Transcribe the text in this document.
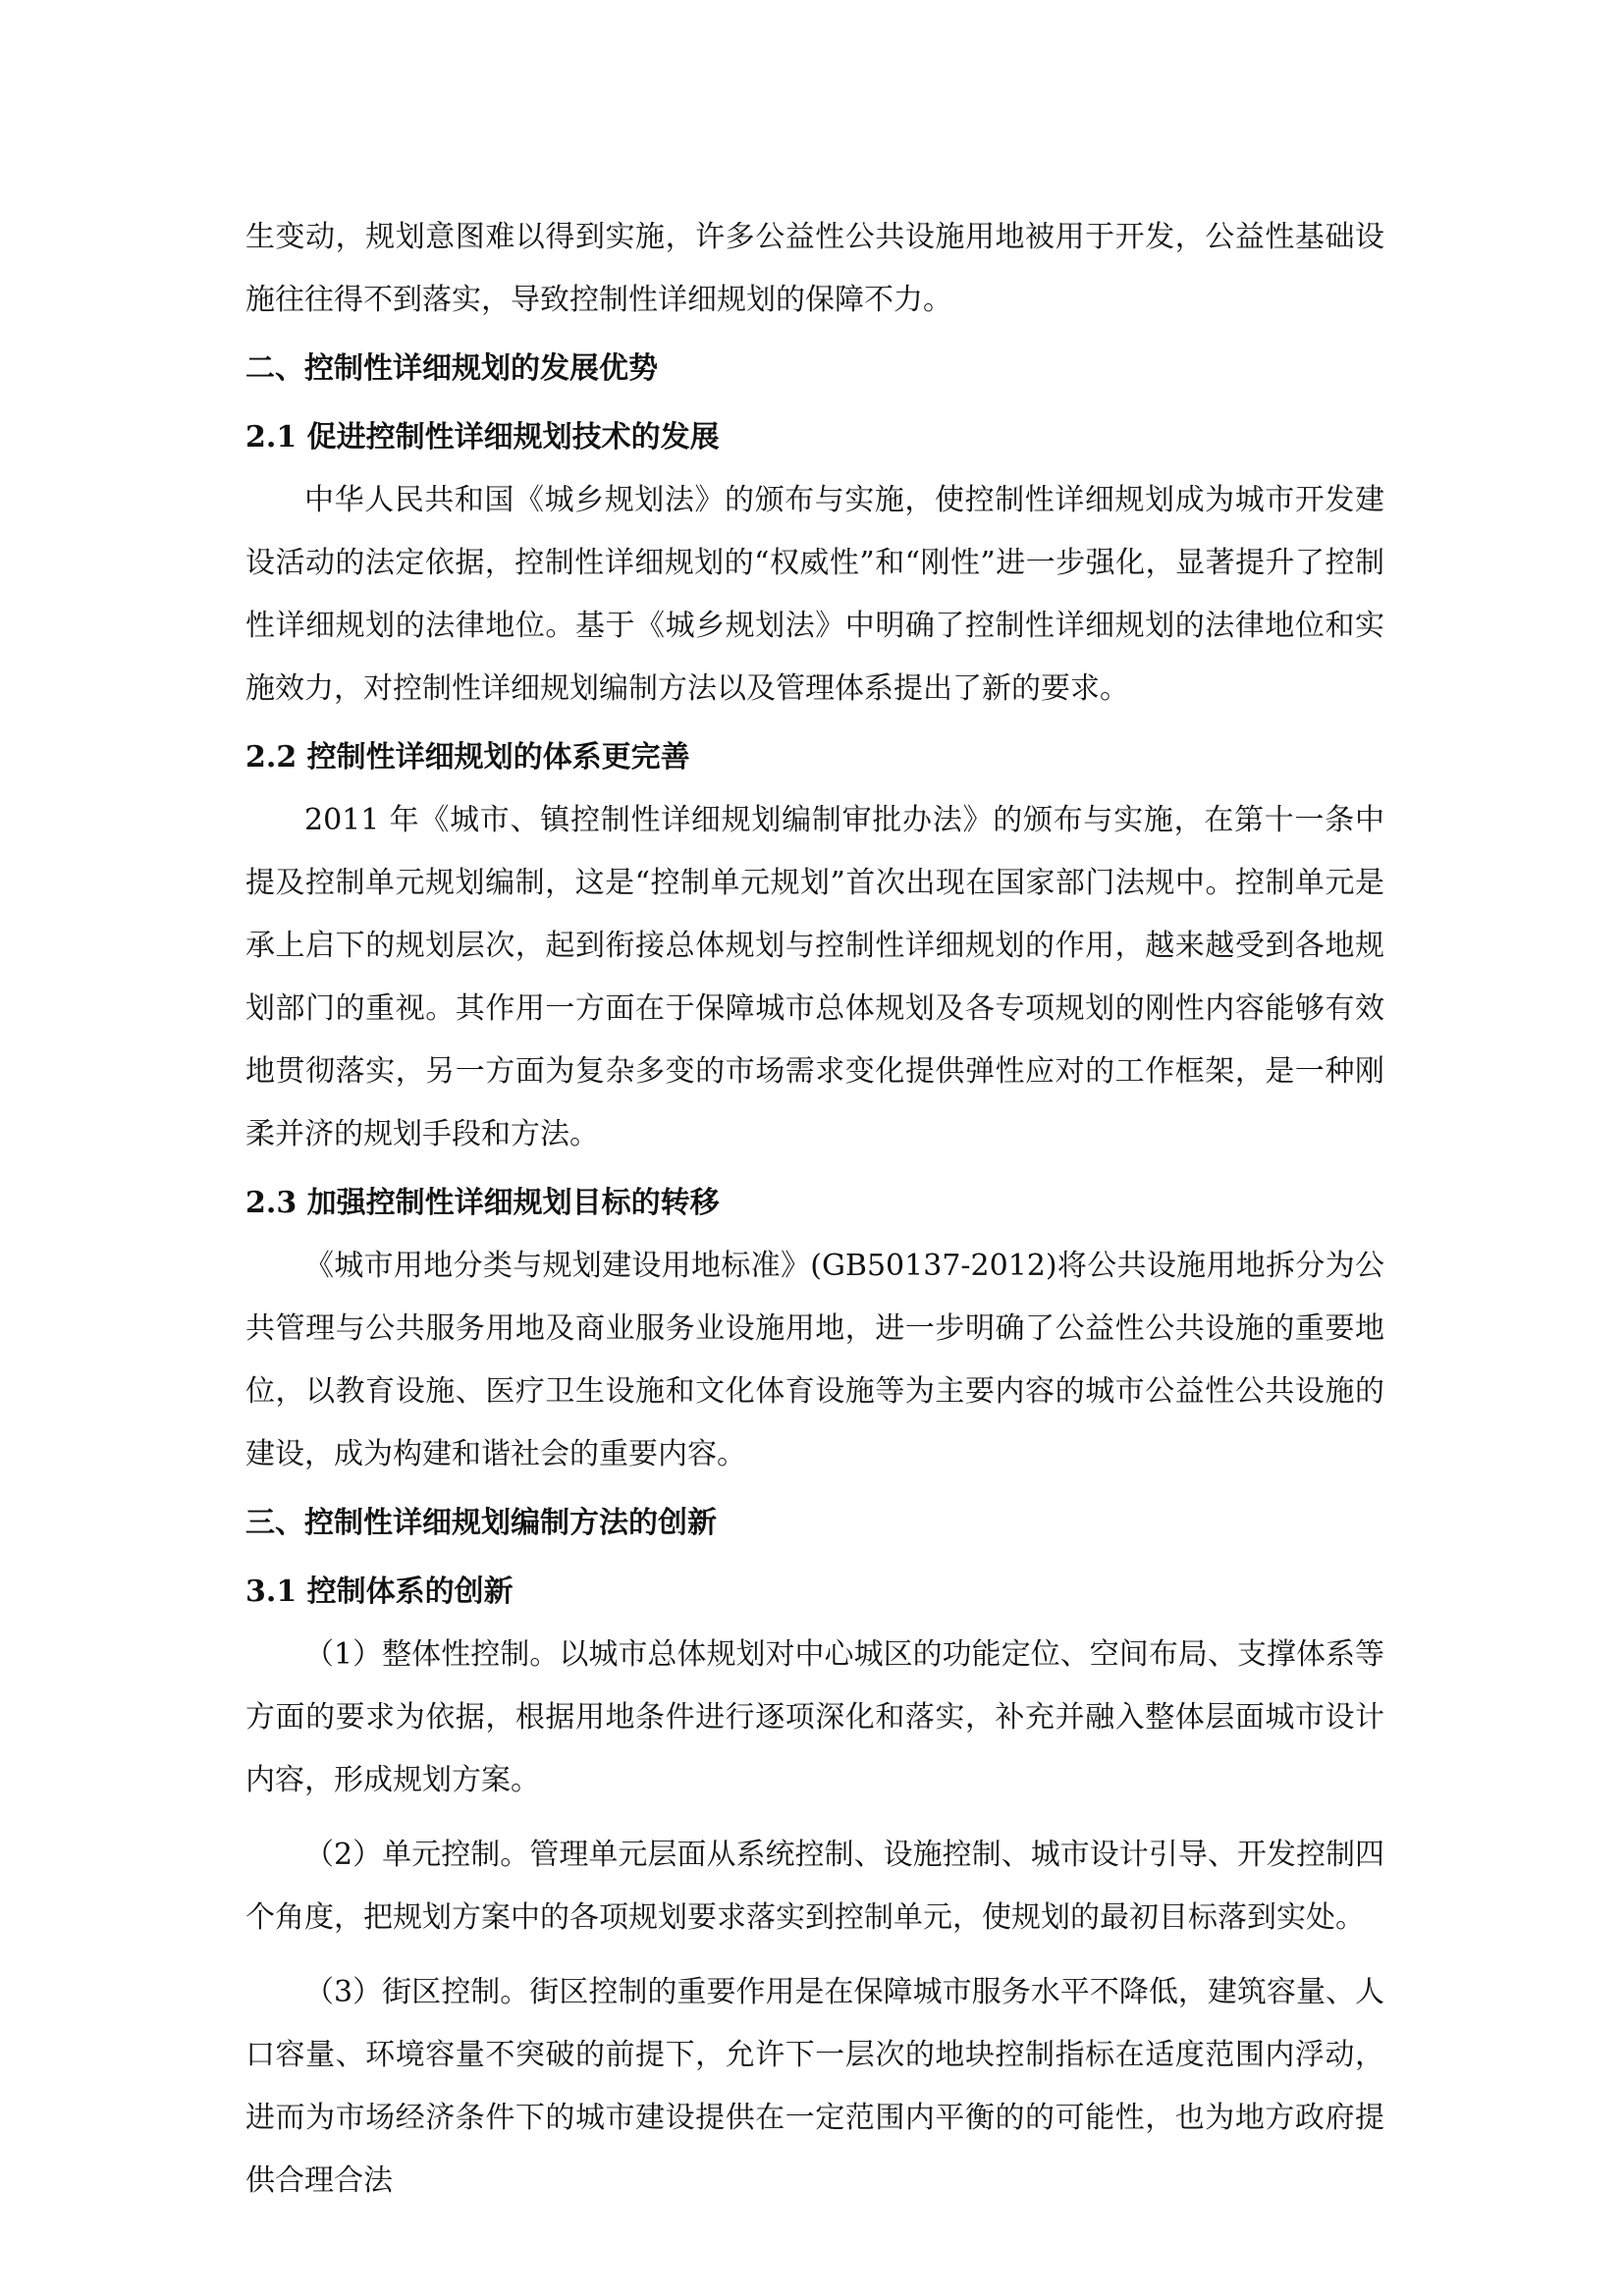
生变动，规划意图难以得到实施，许多公益性公共设施用地被用于开发，公益性基础设施往往得不到落实，导致控制性详细规划的保障不力。

二、控制性详细规划的发展优势
2.1 促进控制性详细规划技术的发展

中华人民共和国《城乡规划法》的颁布与实施，使控制性详细规划成为城市开发建设活动的法定依据，控制性详细规划的“权威性”和“刚性”进一步强化，显著提升了控制性详细规划的法律地位。基于《城乡规划法》中明确了控制性详细规划的法律地位和实施效力，对控制性详细规划编制方法以及管理体系提出了新的要求。

2.2 控制性详细规划的体系更完善

2011 年《城市、镇控制性详细规划编制审批办法》的颁布与实施，在第十一条中提及控制单元规划编制，这是“控制单元规划”首次出现在国家部门法规中。控制单元是承上启下的规划层次，起到衔接总体规划与控制性详细规划的作用，越来越受到各地规划部门的重视。其作用一方面在于保障城市总体规划及各专项规划的刚性内容能够有效地贯彻落实，另一方面为复杂多变的市场需求变化提供弹性应对的工作框架，是一种刚柔并济的规划手段和方法。

2.3 加强控制性详细规划目标的转移

《城市用地分类与规划建设用地标准》(GB50137-2012)将公共设施用地拆分为公共管理与公共服务用地及商业服务业设施用地，进一步明确了公益性公共设施的重要地位，以教育设施、医疗卫生设施和文化体育设施等为主要内容的城市公益性公共设施的建设，成为构建和谐社会的重要内容。

三、控制性详细规划编制方法的创新
3.1 控制体系的创新

（1）整体性控制。以城市总体规划对中心城区的功能定位、空间布局、支撑体系等方面的要求为依据，根据用地条件进行逐项深化和落实，补充并融入整体层面城市设计内容，形成规划方案。

（2）单元控制。管理单元层面从系统控制、设施控制、城市设计引导、开发控制四个角度，把规划方案中的各项规划要求落实到控制单元，使规划的最初目标落到实处。

（3）街区控制。街区控制的重要作用是在保障城市服务水平不降低，建筑容量、人口容量、环境容量不突破的前提下，允许下一层次的地块控制指标在适度范围内浮动，进而为市场经济条件下的城市建设提供在一定范围内平衡的的可能性，也为地方政府提供合理合法
